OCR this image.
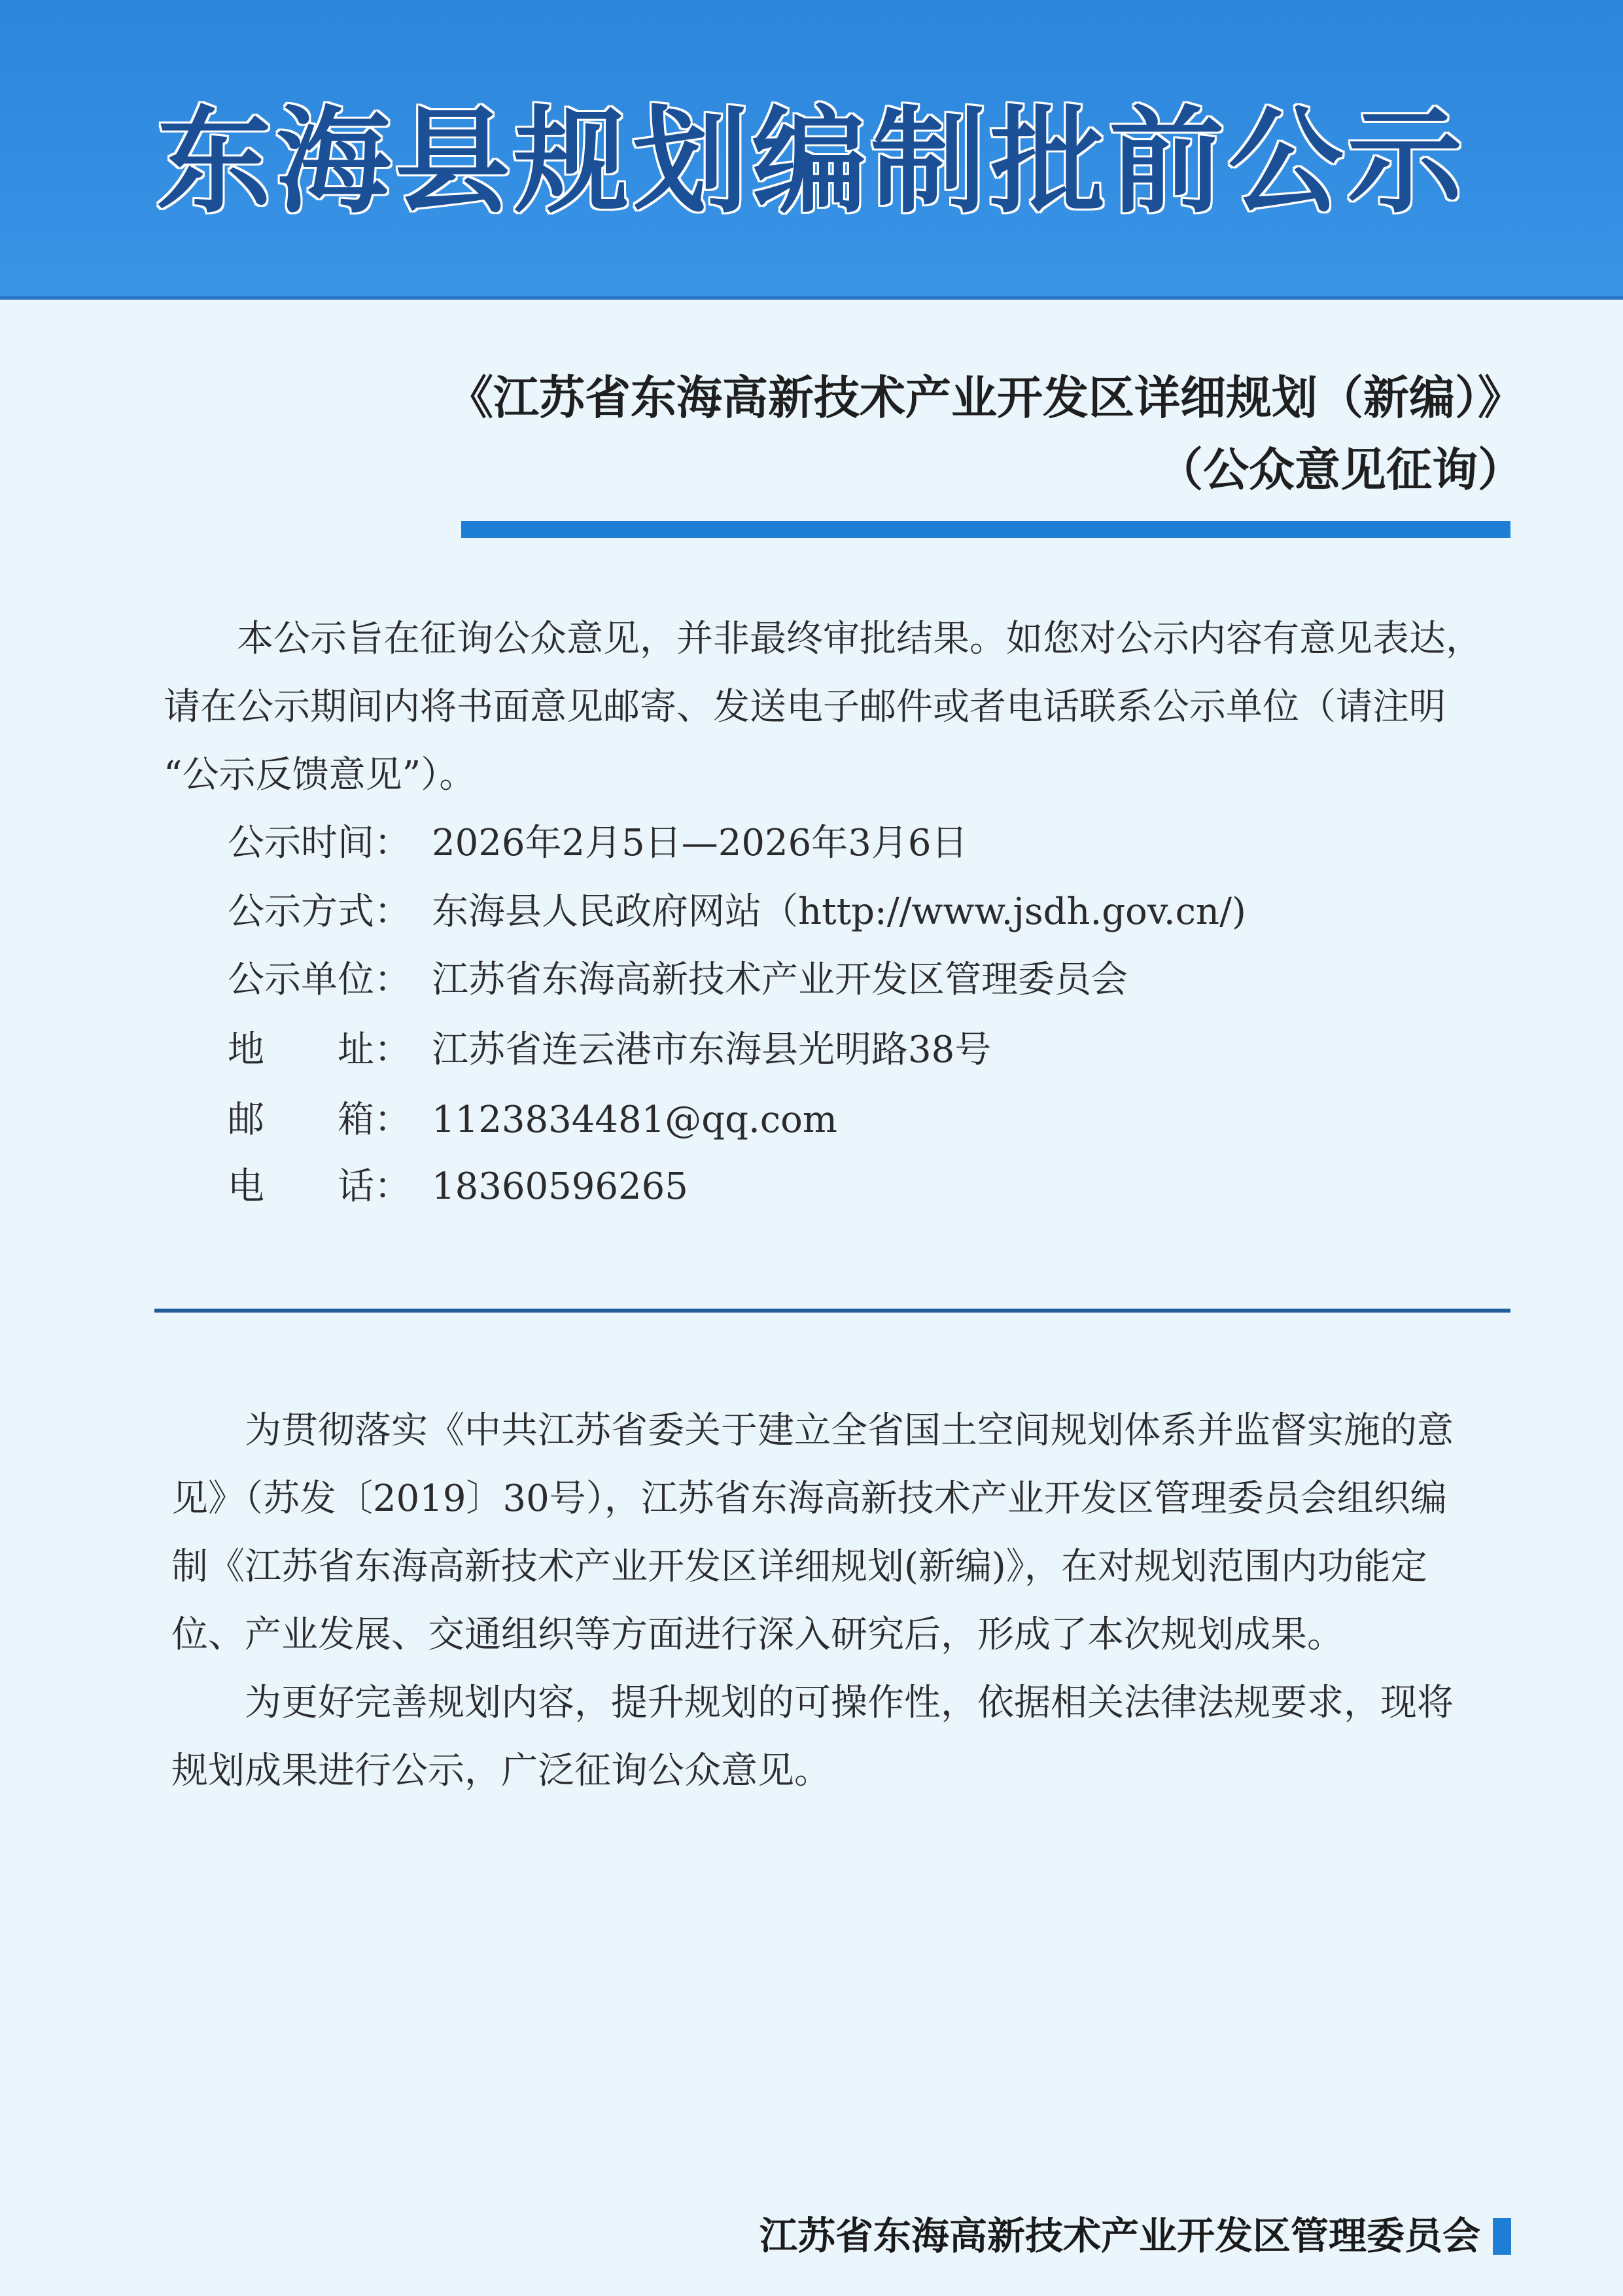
东海县规划编制批前公示
《江苏省东海高新技术产业开发区详细规划（新编）》
（公众意见征询）
　　本公示旨在征询公众意见，并非最终审批结果。如您对公示内容有意见表达，
请在公示期间内将书面意见邮寄、发送电子邮件或者电话联系公示单位（请注明
“公示反馈意见”）。
公示时间： 2026年2月5日—2026年3月6日
公示方式： 东海县人民政府网站（http://www.jsdh.gov.cn/)
公示单位： 江苏省东海高新技术产业开发区管理委员会
地　　址： 江苏省连云港市东海县光明路38号
邮　　箱： 1123834481@qq.com
电　　话： 18360596265
　　为贯彻落实《中共江苏省委关于建立全省国土空间规划体系并监督实施的意
见》（苏发〔2019〕30号），江苏省东海高新技术产业开发区管理委员会组织编
制《江苏省东海高新技术产业开发区详细规划(新编)》，在对规划范围内功能定
位、产业发展、交通组织等方面进行深入研究后，形成了本次规划成果。
　　为更好完善规划内容，提升规划的可操作性，依据相关法律法规要求，现将
规划成果进行公示，广泛征询公众意见。
江苏省东海高新技术产业开发区管理委员会
